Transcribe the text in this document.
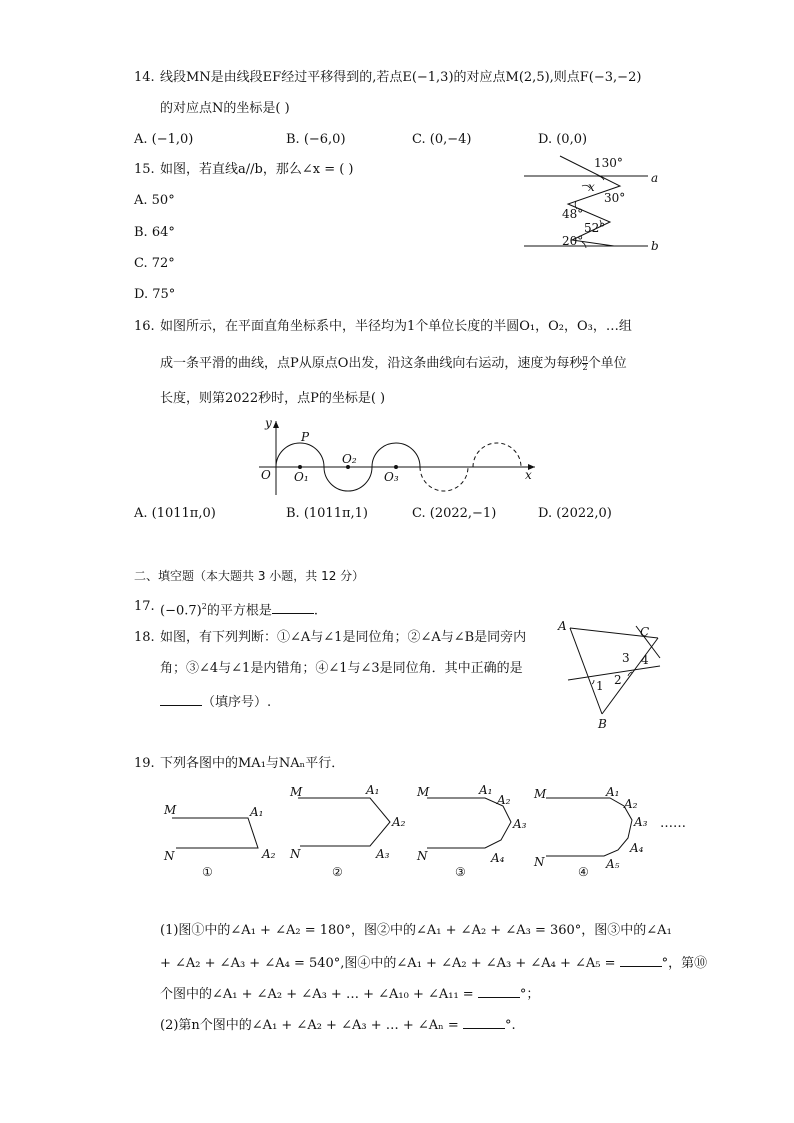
14. 线段MN是由线段EF经过平移得到的,若点E(−1,3)的对应点M(2,5),则点F(−3,−2)
的对应点N的坐标是( )
A. (−1,0)	B. (−6,0)	C. (0,−4)	D. (0,0)
15. 如图，若直线a//b，那么∠x = ( )
A. 50°
B. 64°
C. 72°
D. 75°
130°
x
30°
48°
52°
20°
a
b
16. 如图所示，在平面直角坐标系中，半径均为1个单位长度的半圆O₁，O₂，O₃，…组
成一条平滑的曲线，点P从原点O出发，沿这条曲线向右运动，速度为每秒 $\frac{\pi}{2}$ 个单位
长度，则第2022秒时，点P的坐标是( )
y
x
O
P
O₁
O₂
O₃
A. (1011π,0)	B. (1011π,1)	C. (2022,−1)	D. (2022,0)
二、填空题（本大题共 3 小题，共 12 分）
17. $(-0.7)^2$的平方根是	.
18. 如图，有下列判断：①∠A与∠1是同位角；②∠A与∠B是同旁内
角；③∠4与∠1是内错角；④∠1与∠3是同位角．其中正确的是
（填序号）.
A
B
C
1 2
3 4
19. 下列各图中的MA₁与NAₙ平行．
M
N
A₁
A₂
①
M
N
A₁
A₂
A₃
②
M
N
A₁
A₂
A₃
A₄
③
M
N
A₁
A₂
A₃
A₄
A₅
④
……
(1)图①中的∠A₁ + ∠A₂ = 180°，图②中的∠A₁ + ∠A₂ + ∠A₃ = 360°，图③中的∠A₁
+ ∠A₂ + ∠A₃ + ∠A₄ = 540°,图④中的∠A₁ + ∠A₂ + ∠A₃ + ∠A₄ + ∠A₅ =	°，第⑩
个图中的∠A₁ + ∠A₂ + ∠A₃ + … + ∠A₁₀ + ∠A₁₁ =	°；
(2)第n个图中的∠A₁ + ∠A₂ + ∠A₃ + … + ∠Aₙ =	°.
